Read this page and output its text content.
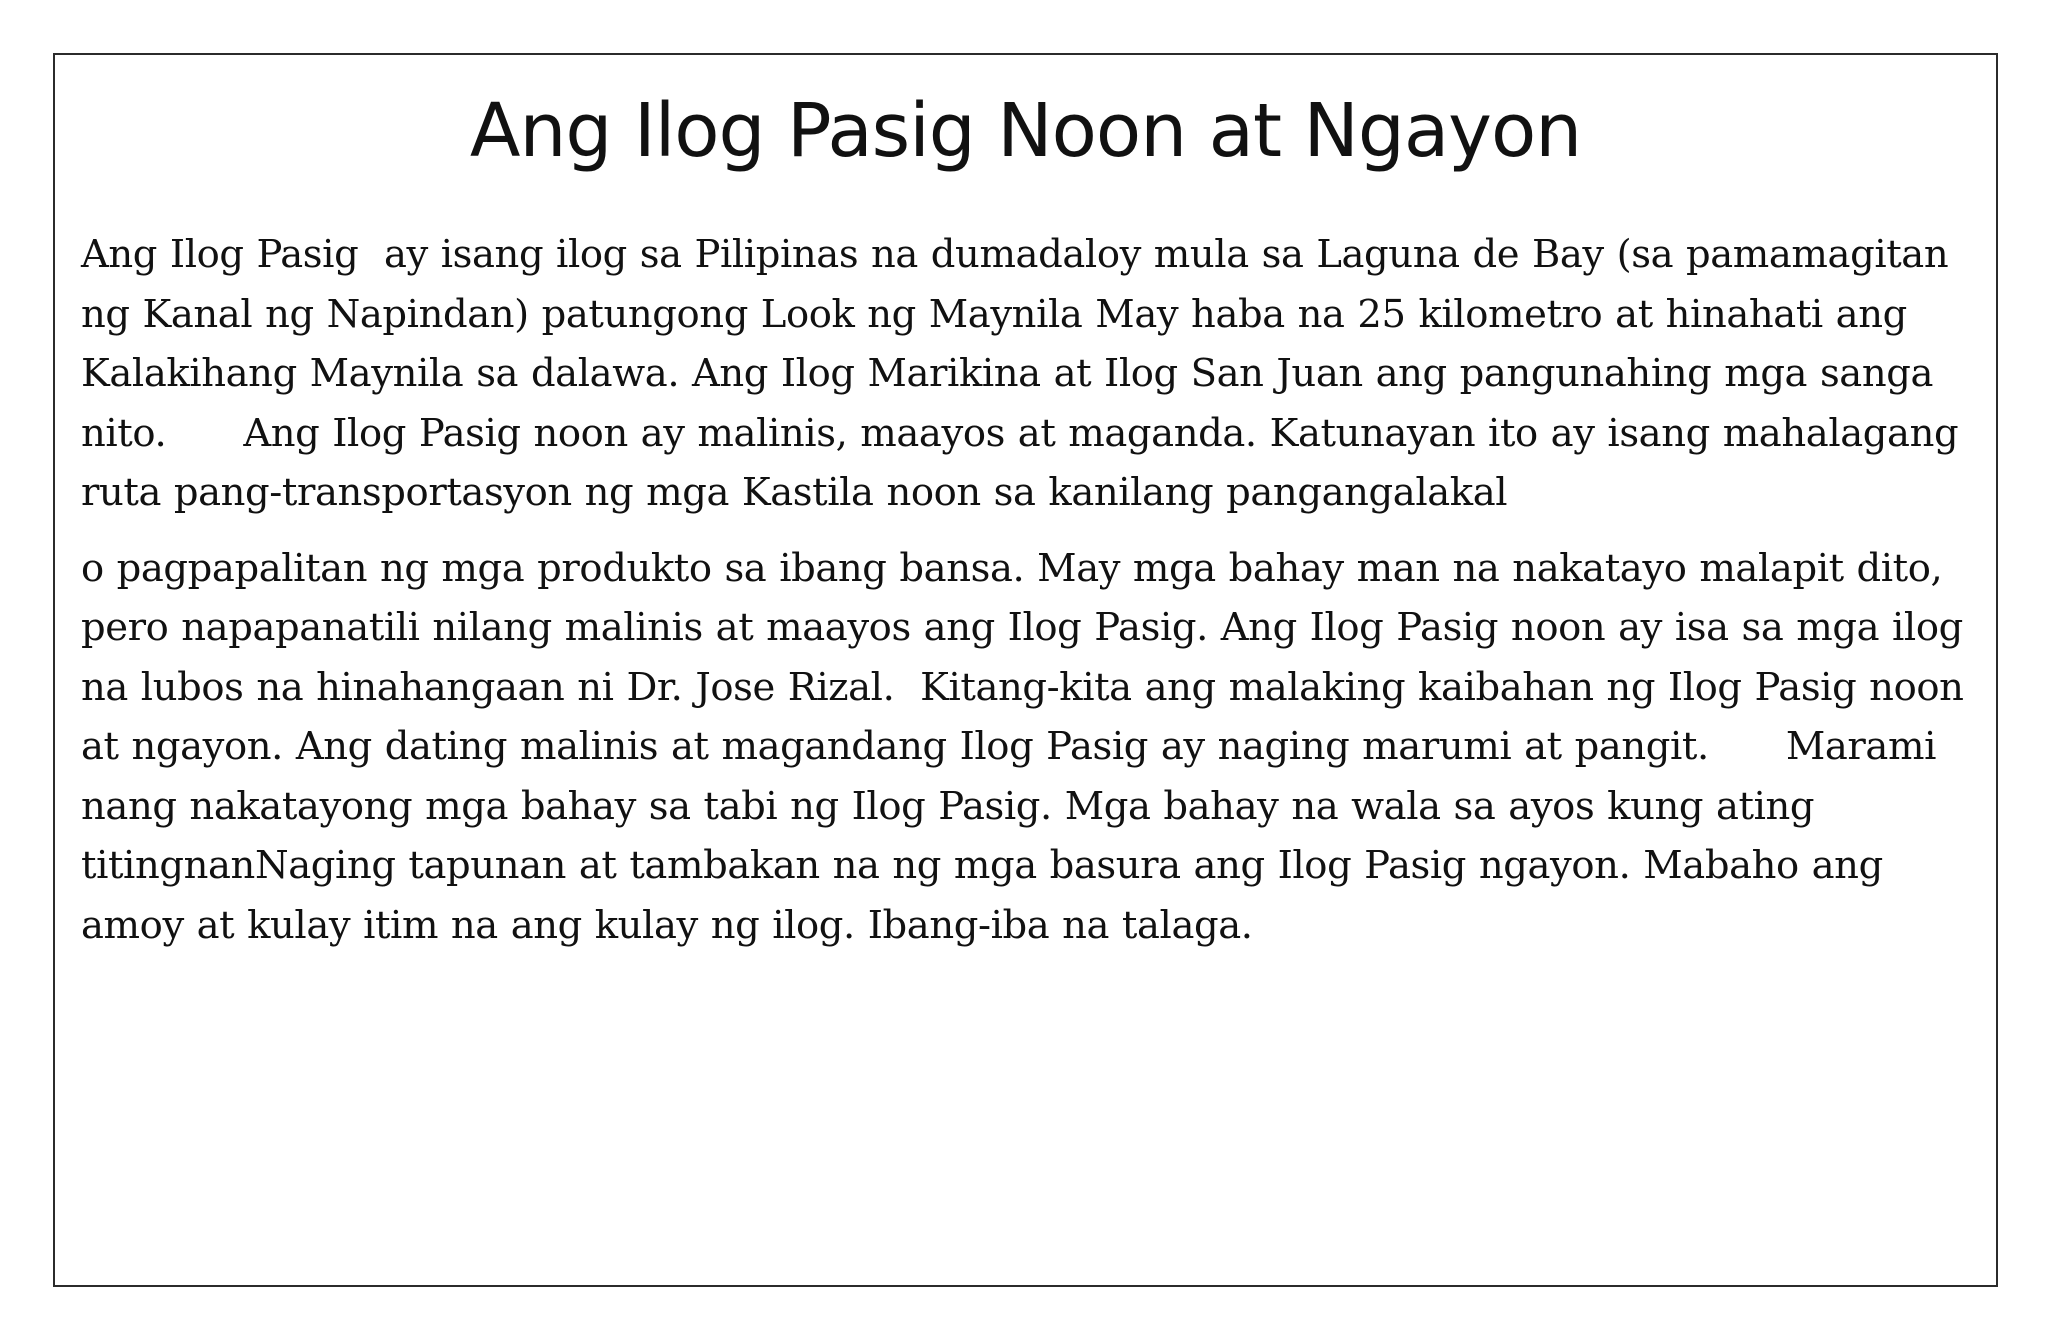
Ang Ilog Pasig Noon at Ngayon

Ang Ilog Pasig  ay isang ilog sa Pilipinas na dumadaloy mula sa Laguna de Bay (sa pamamagitan ng Kanal ng Napindan) patungong Look ng Maynila May haba na 25 kilometro at hinahati ang Kalakihang Maynila sa dalawa. Ang Ilog Marikina at Ilog San Juan ang pangunahing mga sanga  nito.      Ang Ilog Pasig noon ay malinis, maayos at maganda. Katunayan ito ay isang mahalagang ruta pang-transportasyon ng mga Kastila noon sa kanilang pangangalakal

o pagpapalitan ng mga produkto sa ibang bansa. May mga bahay man na nakatayo malapit dito, pero napapanatili nilang malinis at maayos ang Ilog Pasig. Ang Ilog Pasig noon ay isa sa mga ilog na lubos na hinahangaan ni Dr. Jose Rizal.  Kitang-kita ang malaking kaibahan ng Ilog Pasig noon at ngayon. Ang dating malinis at magandang Ilog Pasig ay naging marumi at pangit.      Marami nang nakatayong mga bahay sa tabi ng Ilog Pasig. Mga bahay na wala sa ayos kung ating titingnanNaging tapunan at tambakan na ng mga basura ang Ilog Pasig ngayon. Mabaho ang amoy at kulay itim na ang kulay ng ilog. Ibang-iba na talaga.
